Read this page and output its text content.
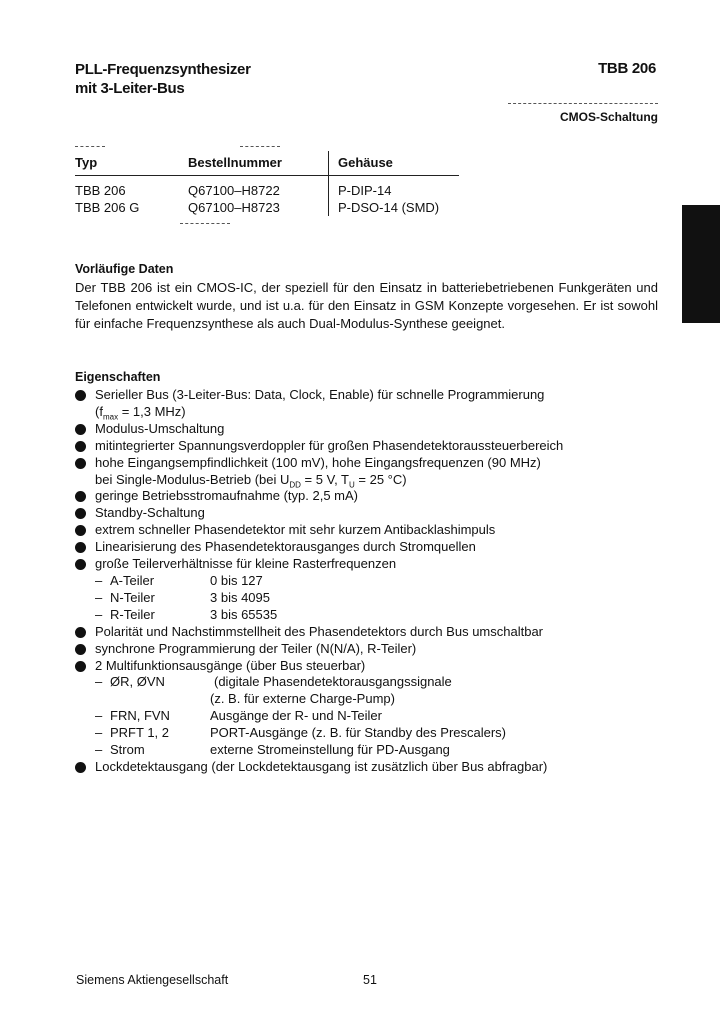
PLL-Frequenzsynthesizer
mit 3-Leiter-Bus
TBB 206
CMOS-Schaltung
Typ	Bestellnummer	Gehäuse
TBB 206	Q67100–H8722	P-DIP-14
TBB 206 G	Q67100–H8723	P-DSO-14 (SMD)
Vorläufige Daten
Der TBB 206 ist ein CMOS-IC, der speziell für den Einsatz in batteriebetriebenen Funkgeräten und Telefonen entwickelt wurde, und ist u.a. für den Einsatz in GSM Konzepte vorgesehen. Er ist sowohl für einfache Frequenzsynthese als auch Dual-Modulus-Synthese geeignet.
Eigenschaften
Serieller Bus (3-Leiter-Bus: Data, Clock, Enable) für schnelle Programmierung
($f_{max} = 1,3$ MHz)
Modulus-Umschaltung
mitintegrierter Spannungsverdoppler für großen Phasendetektoraussteuerbereich
hohe Eingangsempfindlichkeit (100 mV), hohe Eingangsfrequenzen (90 MHz)
bei Single-Modulus-Betrieb (bei $U_{DD} = 5$ V, $T_U = 25$ °C)
geringe Betriebsstromaufnahme (typ. 2,5 mA)
Standby-Schaltung
extrem schneller Phasendetektor mit sehr kurzem Antibacklashimpuls
Linearisierung des Phasendetektorausganges durch Stromquellen
große Teilerverhältnisse für kleine Rasterfrequenzen
– A-Teiler	0 bis 127
– N-Teiler	3 bis 4095
– R-Teiler	3 bis 65535
Polarität und Nachstimmstellheit des Phasendetektors durch Bus umschaltbar
synchrone Programmierung der Teiler (N(N/A), R-Teiler)
2 Multifunktionsausgänge (über Bus steuerbar)
– ØR, ØVN	(digitale Phasendetektorausgangssignale
(z. B. für externe Charge-Pump)
– FRN, FVN	Ausgänge der R- und N-Teiler
– PRFT 1, 2	PORT-Ausgänge (z. B. für Standby des Prescalers)
– Strom	externe Stromeinstellung für PD-Ausgang
Lockdetektausgang (der Lockdetektausgang ist zusätzlich über Bus abfragbar)
Siemens Aktiengesellschaft	51
